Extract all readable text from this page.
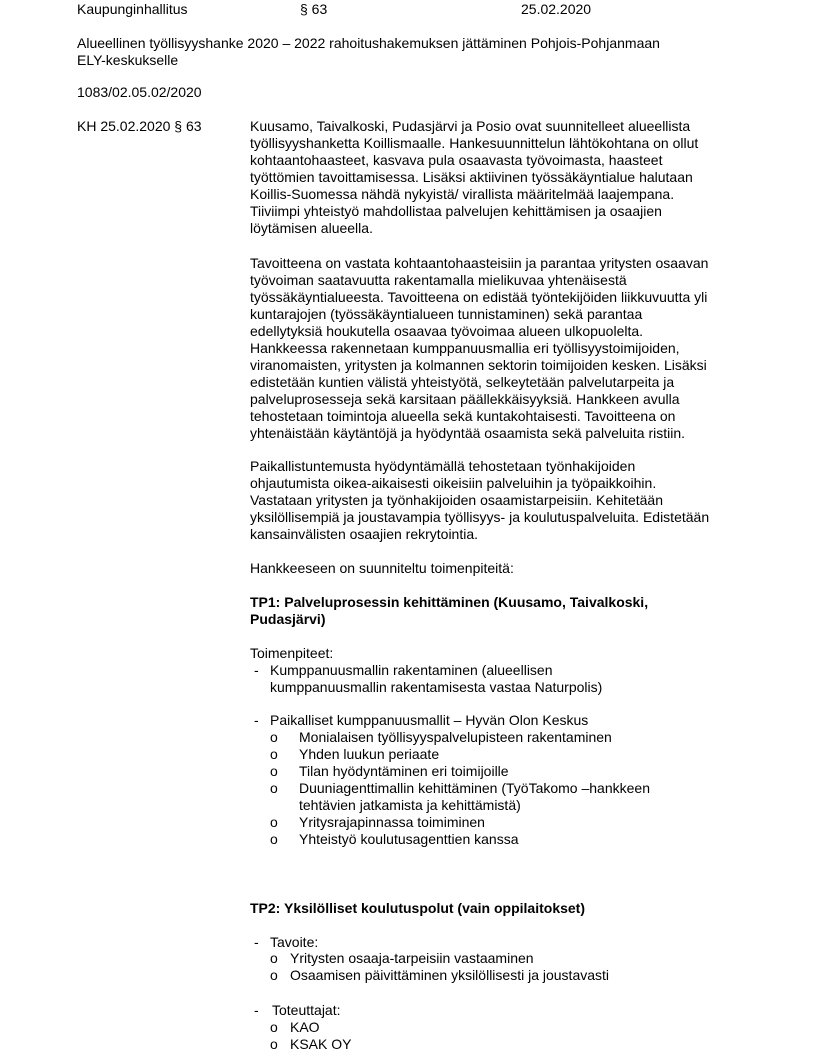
Kaupunginhallitus	§ 63	25.02.2020
Alueellinen työllisyyshanke 2020 – 2022 rahoitushakemuksen jättäminen Pohjois-Pohjanmaan
ELY-keskukselle
1083/02.05.02/2020
KH 25.02.2020 § 63	Kuusamo, Taivalkoski, Pudasjärvi ja Posio ovat suunnitelleet alueellista
työllisyyshanketta Koillismaalle. Hankesuunnittelun lähtökohtana on ollut
kohtaantohaasteet, kasvava pula osaavasta työvoimasta, haasteet
työttömien tavoittamisessa. Lisäksi aktiivinen työssäkäyntialue halutaan
Koillis-Suomessa nähdä nykyistä/ virallista määritelmää laajempana.
Tiiviimpi yhteistyö mahdollistaa palvelujen kehittämisen ja osaajien
löytämisen alueella.
Tavoitteena on vastata kohtaantohaasteisiin ja parantaa yritysten osaavan
työvoiman saatavuutta rakentamalla mielikuvaa yhtenäisestä
työssäkäyntialueesta. Tavoitteena on edistää työntekijöiden liikkuvuutta yli
kuntarajojen (työssäkäyntialueen tunnistaminen) sekä parantaa
edellytyksiä houkutella osaavaa työvoimaa alueen ulkopuolelta.
Hankkeessa rakennetaan kumppanuusmallia eri työllisyystoimijoiden,
viranomaisten, yritysten ja kolmannen sektorin toimijoiden kesken. Lisäksi
edistetään kuntien välistä yhteistyötä, selkeytetään palvelutarpeita ja
palveluprosesseja sekä karsitaan päällekkäisyyksiä. Hankkeen avulla
tehostetaan toimintoja alueella sekä kuntakohtaisesti. Tavoitteena on
yhtenäistään käytäntöjä ja hyödyntää osaamista sekä palveluita ristiin.
Paikallistuntemusta hyödyntämällä tehostetaan työnhakijoiden
ohjautumista oikea-aikaisesti oikeisiin palveluihin ja työpaikkoihin.
Vastataan yritysten ja työnhakijoiden osaamistarpeisiin. Kehitetään
yksilöllisempiä ja joustavampia työllisyys- ja koulutuspalveluita. Edistetään
kansainvälisten osaajien rekrytointia.
Hankkeeseen on suunniteltu toimenpiteitä:
TP1: Palveluprosessin kehittäminen (Kuusamo, Taivalkoski,
Pudasjärvi)
Toimenpiteet:
- Kumppanuusmallin rakentaminen (alueellisen
kumppanuusmallin rakentamisesta vastaa Naturpolis)
- Paikalliset kumppanuusmallit – Hyvän Olon Keskus
o Monialaisen työllisyyspalvelupisteen rakentaminen
o Yhden luukun periaate
o Tilan hyödyntäminen eri toimijoille
o Duuniagenttimallin kehittäminen (TyöTakomo –hankkeen
tehtävien jatkamista ja kehittämistä)
o Yritysrajapinnassa toimiminen
o Yhteistyö koulutusagenttien kanssa
TP2: Yksilölliset koulutuspolut (vain oppilaitokset)
- Tavoite:
o Yritysten osaaja-tarpeisiin vastaaminen
o Osaamisen päivittäminen yksilöllisesti ja joustavasti
- Toteuttajat:
o KAO
o KSAK OY
